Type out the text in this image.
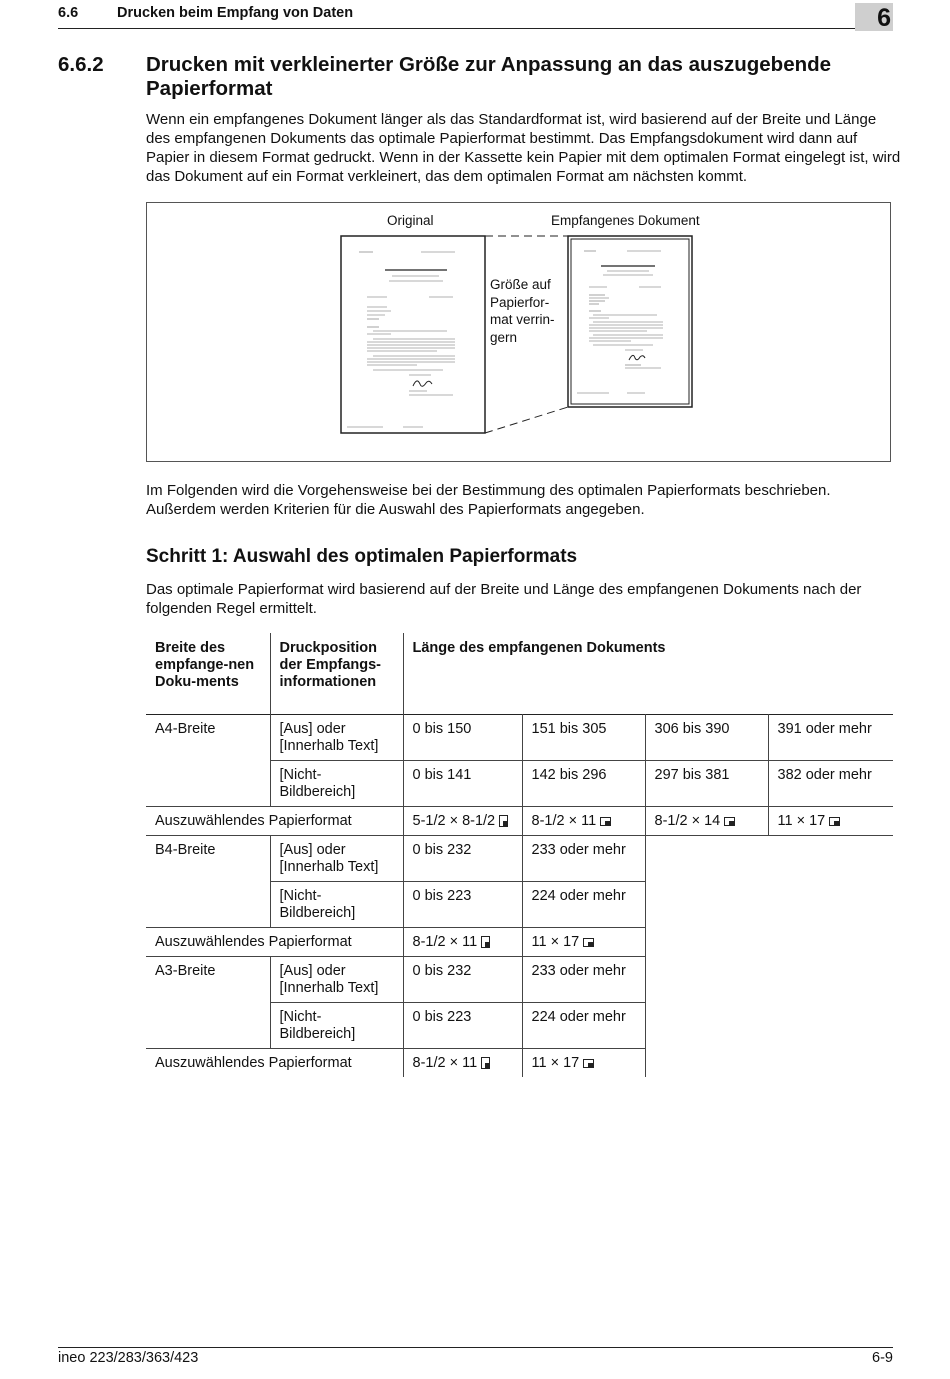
6.6	Drucken beim Empfang von Daten	6
6.6.2 Drucken mit verkleinerter Größe zur Anpassung an das auszugebende Papierformat
Wenn ein empfangenes Dokument länger als das Standardformat ist, wird basierend auf der Breite und Länge des empfangenen Dokuments das optimale Papierformat bestimmt. Das Empfangsdokument wird dann auf Papier in diesem Format gedruckt. Wenn in der Kassette kein Papier mit dem optimalen Format eingelegt ist, wird das Dokument auf ein Format verkleinert, das dem optimalen Format am nächsten kommt.
Original	Empfangenes Dokument
Größe auf
Papierfor-
mat verrin-
gern
Im Folgenden wird die Vorgehensweise bei der Bestimmung des optimalen Papierformats beschrieben. Außerdem werden Kriterien für die Auswahl des Papierformats angegeben.
Schritt 1: Auswahl des optimalen Papierformats
Das optimale Papierformat wird basierend auf der Breite und Länge des empfangenen Dokuments nach der folgenden Regel ermittelt.
Breite des empfange-nen Doku-ments	Druckposition der Empfangs-informationen	Länge des empfangenen Dokuments			
A4-Breite	[Aus] oder [Innerhalb Text]	0 bis 150	151 bis 305	306 bis 390	391 oder mehr
	[Nicht-Bildbereich]	0 bis 141	142 bis 296	297 bis 381	382 oder mehr
Auszuwählendes Papierformat		5-1/2 × 8-1/2	8-1/2 × 11	8-1/2 × 14	11 × 17
B4-Breite	[Aus] oder [Innerhalb Text]	0 bis 232	233 oder mehr		
	[Nicht-Bildbereich]	0 bis 223	224 oder mehr		
Auszuwählendes Papierformat		8-1/2 × 11	11 × 17		
A3-Breite	[Aus] oder [Innerhalb Text]	0 bis 232	233 oder mehr		
	[Nicht-Bildbereich]	0 bis 223	224 oder mehr		
Auszuwählendes Papierformat		8-1/2 × 11	11 × 17		
ineo 223/283/363/423	6-9
